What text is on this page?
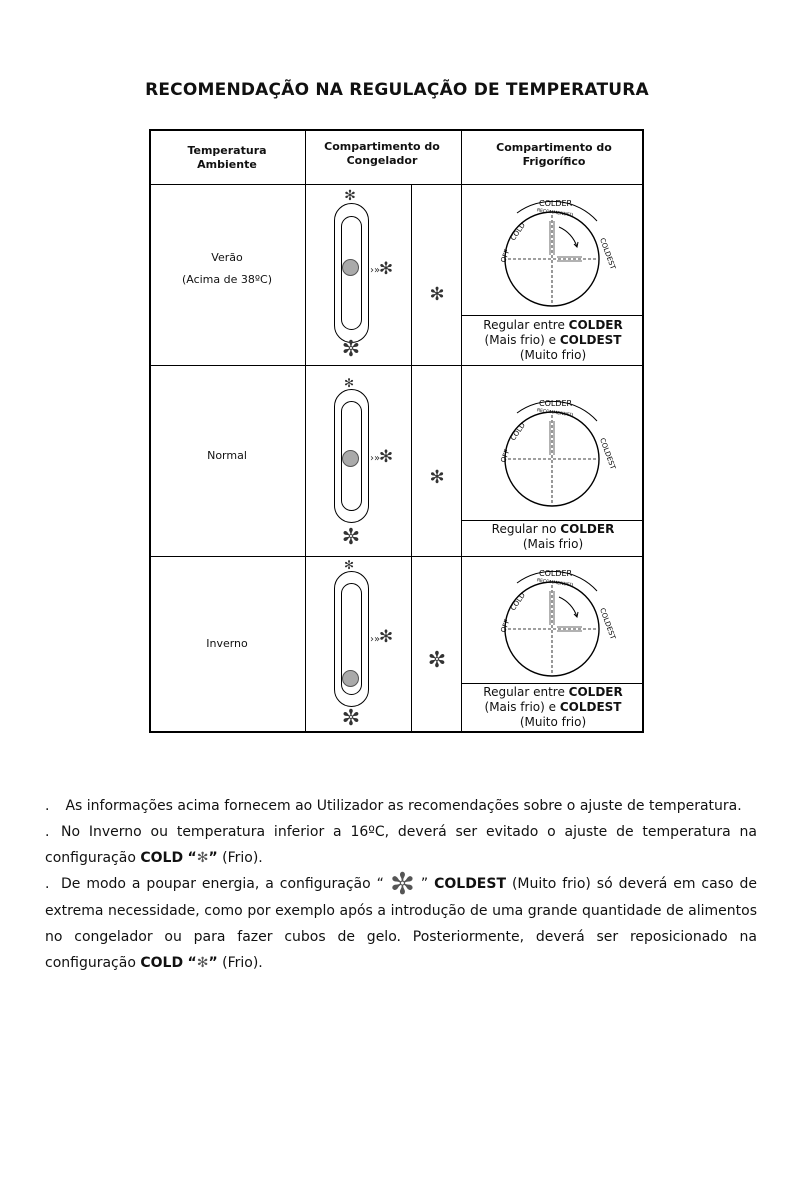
RECOMENDAÇÃO NA REGULAÇÃO DE TEMPERATURA
Temperatura Ambiente
Compartimento do Congelador
Compartimento do Frigorífico
Verão
(Acima de 38ºC)
✻
›»
✻
✼
✻
COLDER
RECOMMENDED
OFF
COLD
COLDEST
Regular entre COLDER
(Mais frio) e COLDEST
(Muito frio)
Normal
✻
›»
✻
✼
✻
COLDER
RECOMMENDED
OFF
COLD
COLDEST
Regular no COLDER
(Mais frio)
Inverno
✻
›»
✻
✼
✼
COLDER
RECOMMENDED
OFF
COLD
COLDEST
Regular entre COLDER
(Mais frio) e COLDEST
(Muito frio)
. As informações acima fornecem ao Utilizador as recomendações sobre o ajuste de temperatura.
. No Inverno ou temperatura inferior a 16ºC, deverá ser evitado o ajuste de temperatura na configuração COLD “✻” (Frio).
. De modo a poupar energia, a configuração “ ✼ ” COLDEST (Muito frio) só deverá em caso de extrema necessidade, como por exemplo após a introdução de uma grande quantidade de alimentos no congelador ou para fazer cubos de gelo. Posteriormente, deverá ser reposicionado na configuração COLD “✻” (Frio).
